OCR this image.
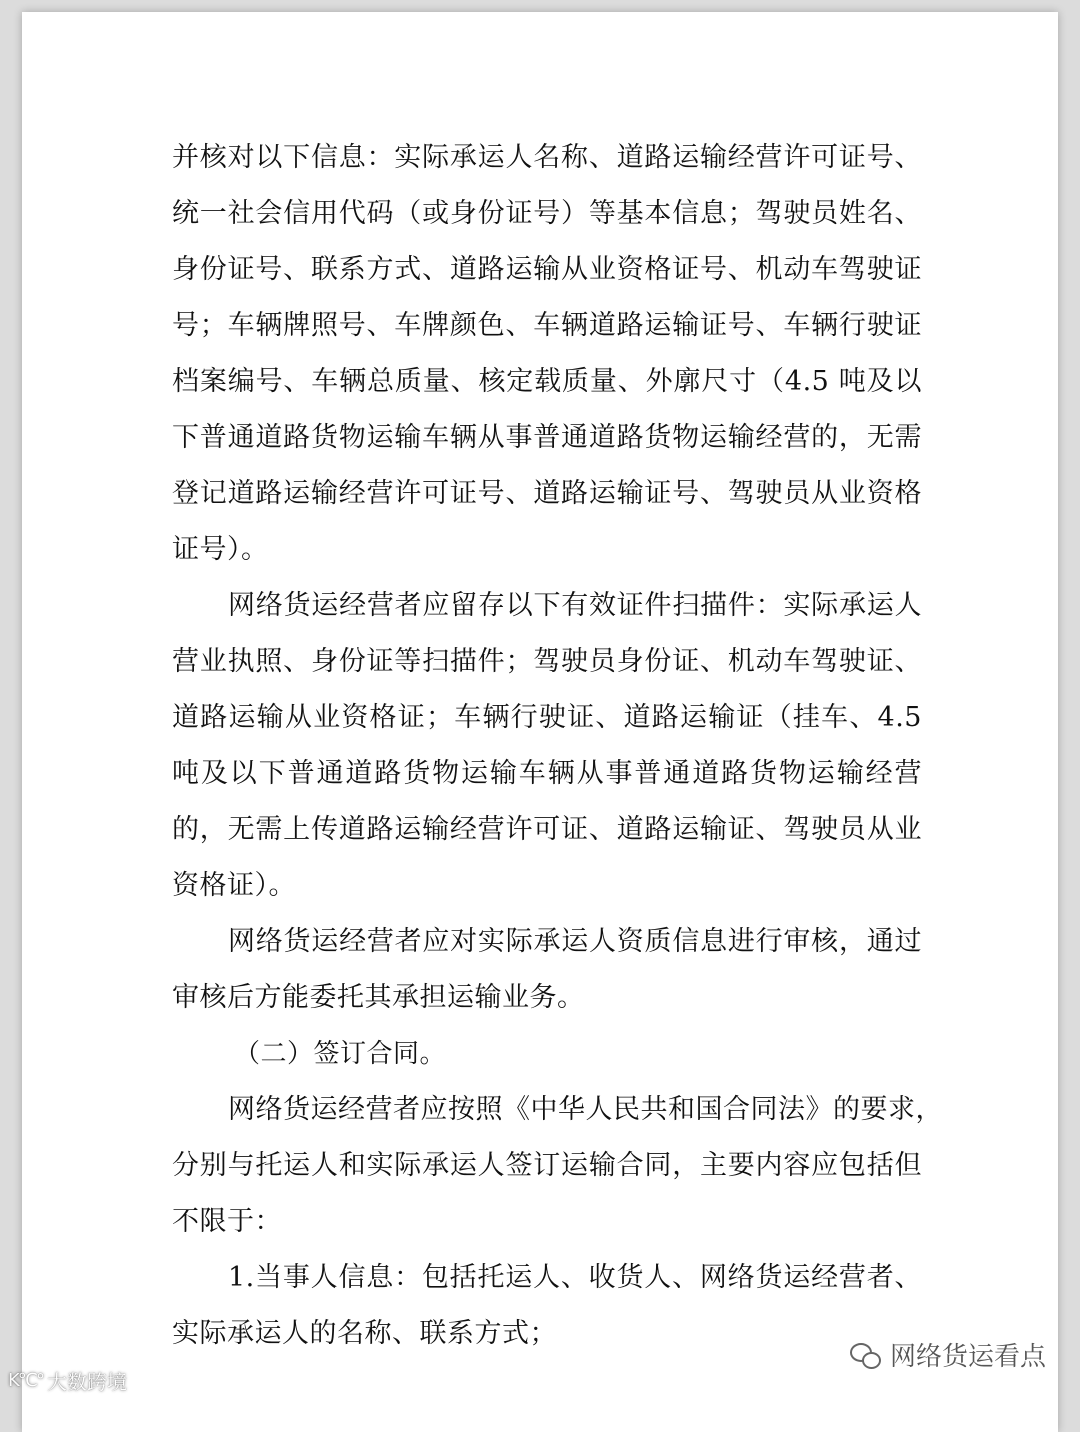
并核对以下信息：实际承运人名称、道路运输经营许可证号、
统一社会信用代码（或身份证号）等基本信息；驾驶员姓名、
身份证号、联系方式、道路运输从业资格证号、机动车驾驶证
号；车辆牌照号、车牌颜色、车辆道路运输证号、车辆行驶证
档案编号、车辆总质量、核定载质量、外廓尺寸（4.5 吨及以
下普通道路货物运输车辆从事普通道路货物运输经营的，无需
登记道路运输经营许可证号、道路运输证号、驾驶员从业资格
证号）。
网络货运经营者应留存以下有效证件扫描件：实际承运人
营业执照、身份证等扫描件；驾驶员身份证、机动车驾驶证、
道路运输从业资格证；车辆行驶证、道路运输证（挂车、4.5
吨及以下普通道路货物运输车辆从事普通道路货物运输经营
的，无需上传道路运输经营许可证、道路运输证、驾驶员从业
资格证）。
网络货运经营者应对实际承运人资质信息进行审核，通过
审核后方能委托其承担运输业务。
（二）签订合同。
网络货运经营者应按照《中华人民共和国合同法》的要求，
分别与托运人和实际承运人签订运输合同，主要内容应包括但
不限于：
1.当事人信息：包括托运人、收货人、网络货运经营者、
实际承运人的名称、联系方式；
K℃° 大数跨境
网络货运看点
